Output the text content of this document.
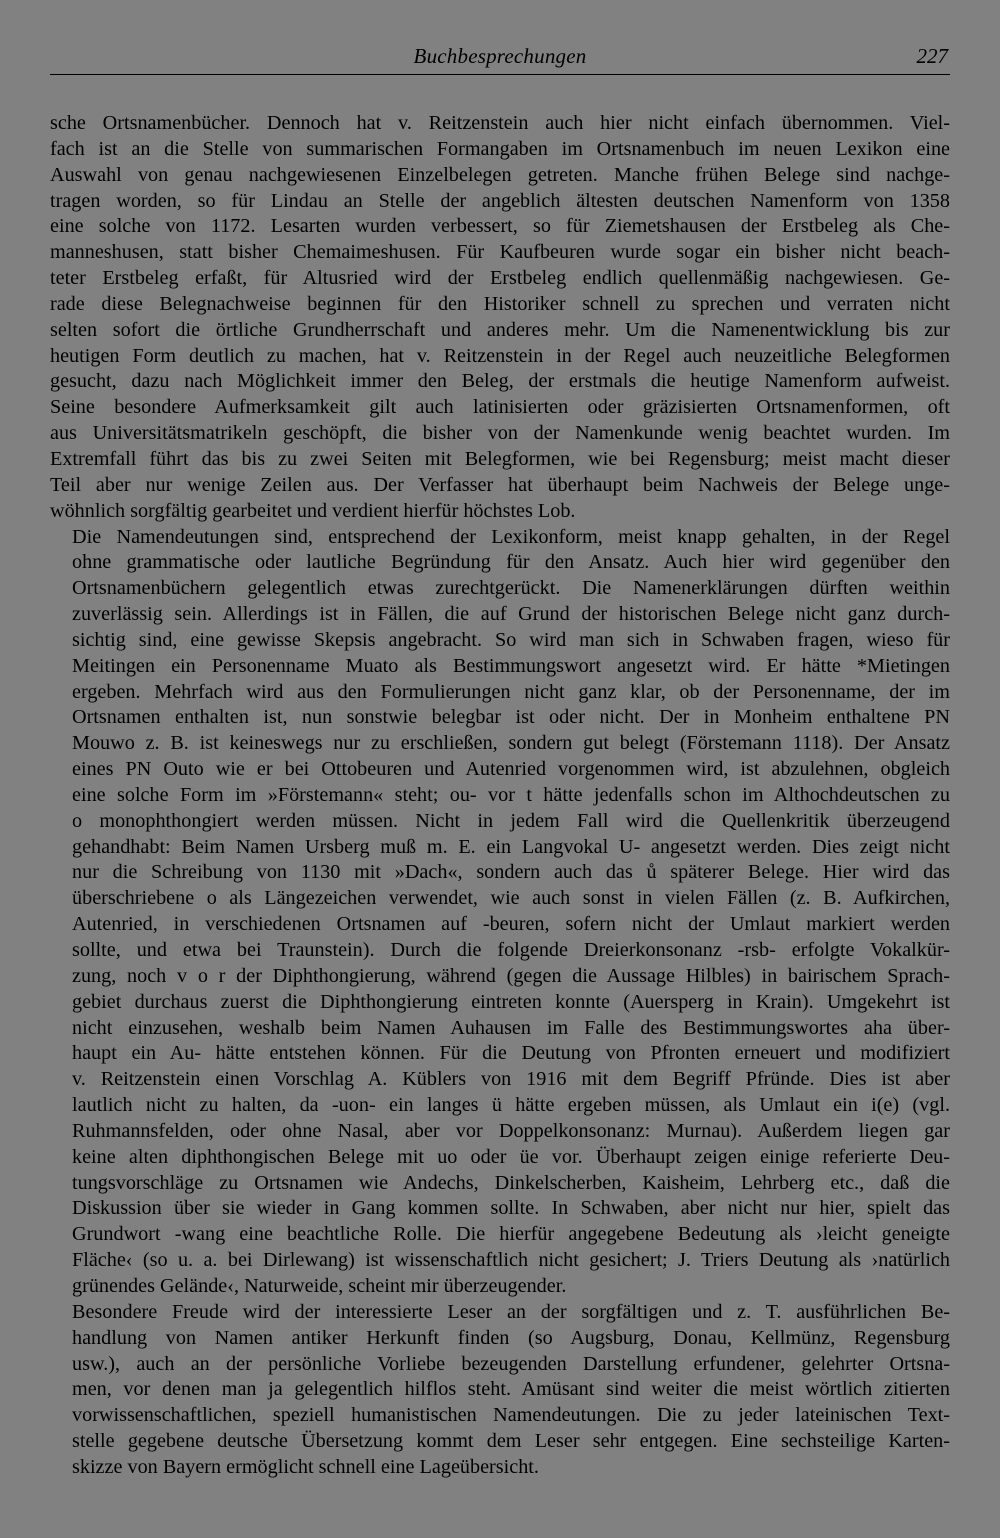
Buchbesprechungen	227

sche Ortsnamenbücher. Dennoch hat v. Reitzenstein auch hier nicht einfach übernommen. Viel-
fach ist an die Stelle von summarischen Formangaben im Ortsnamenbuch im neuen Lexikon eine
Auswahl von genau nachgewiesenen Einzelbelegen getreten. Manche frühen Belege sind nachge-
tragen worden, so für Lindau an Stelle der angeblich ältesten deutschen Namenform von 1358
eine solche von 1172. Lesarten wurden verbessert, so für Ziemetshausen der Erstbeleg als Che-
manneshusen, statt bisher Chemaimeshusen. Für Kaufbeuren wurde sogar ein bisher nicht beach-
teter Erstbeleg erfaßt, für Altusried wird der Erstbeleg endlich quellenmäßig nachgewiesen. Ge-
rade diese Belegnachweise beginnen für den Historiker schnell zu sprechen und verraten nicht
selten sofort die örtliche Grundherrschaft und anderes mehr. Um die Namenentwicklung bis zur
heutigen Form deutlich zu machen, hat v. Reitzenstein in der Regel auch neuzeitliche Belegformen
gesucht, dazu nach Möglichkeit immer den Beleg, der erstmals die heutige Namenform aufweist.
Seine besondere Aufmerksamkeit gilt auch latinisierten oder gräzisierten Ortsnamenformen, oft
aus Universitätsmatrikeln geschöpft, die bisher von der Namenkunde wenig beachtet wurden. Im
Extremfall führt das bis zu zwei Seiten mit Belegformen, wie bei Regensburg; meist macht dieser
Teil aber nur wenige Zeilen aus. Der Verfasser hat überhaupt beim Nachweis der Belege unge-
wöhnlich sorgfältig gearbeitet und verdient hierfür höchstes Lob.

Die Namendeutungen sind, entsprechend der Lexikonform, meist knapp gehalten, in der Regel
ohne grammatische oder lautliche Begründung für den Ansatz. Auch hier wird gegenüber den
Ortsnamenbüchern gelegentlich etwas zurechtgerückt. Die Namenerklärungen dürften weithin
zuverlässig sein. Allerdings ist in Fällen, die auf Grund der historischen Belege nicht ganz durch-
sichtig sind, eine gewisse Skepsis angebracht. So wird man sich in Schwaben fragen, wieso für
Meitingen ein Personenname Muato als Bestimmungswort angesetzt wird. Er hätte *Mietingen
ergeben. Mehrfach wird aus den Formulierungen nicht ganz klar, ob der Personenname, der im
Ortsnamen enthalten ist, nun sonstwie belegbar ist oder nicht. Der in Monheim enthaltene PN
Mouwo z. B. ist keineswegs nur zu erschließen, sondern gut belegt (Förstemann 1118). Der Ansatz
eines PN Outo wie er bei Ottobeuren und Autenried vorgenommen wird, ist abzulehnen, obgleich
eine solche Form im »Förstemann« steht; ou- vor t hätte jedenfalls schon im Althochdeutschen zu
o monophthongiert werden müssen. Nicht in jedem Fall wird die Quellenkritik überzeugend
gehandhabt: Beim Namen Ursberg muß m. E. ein Langvokal U- angesetzt werden. Dies zeigt nicht
nur die Schreibung von 1130 mit »Dach«, sondern auch das ů späterer Belege. Hier wird das
überschriebene o als Längezeichen verwendet, wie auch sonst in vielen Fällen (z. B. Aufkirchen,
Autenried, in verschiedenen Ortsnamen auf -beuren, sofern nicht der Umlaut markiert werden
sollte, und etwa bei Traunstein). Durch die folgende Dreierkonsonanz -rsb- erfolgte Vokalkür-
zung, noch v o r der Diphthongierung, während (gegen die Aussage Hilbles) in bairischem Sprach-
gebiet durchaus zuerst die Diphthongierung eintreten konnte (Auersperg in Krain). Umgekehrt ist
nicht einzusehen, weshalb beim Namen Auhausen im Falle des Bestimmungswortes aha über-
haupt ein Au- hätte entstehen können. Für die Deutung von Pfronten erneuert und modifiziert
v. Reitzenstein einen Vorschlag A. Küblers von 1916 mit dem Begriff Pfründe. Dies ist aber
lautlich nicht zu halten, da -uon- ein langes ü hätte ergeben müssen, als Umlaut ein i(e) (vgl.
Ruhmannsfelden, oder ohne Nasal, aber vor Doppelkonsonanz: Murnau). Außerdem liegen gar
keine alten diphthongischen Belege mit uo oder üe vor. Überhaupt zeigen einige referierte Deu-
tungsvorschläge zu Ortsnamen wie Andechs, Dinkelscherben, Kaisheim, Lehrberg etc., daß die
Diskussion über sie wieder in Gang kommen sollte. In Schwaben, aber nicht nur hier, spielt das
Grundwort -wang eine beachtliche Rolle. Die hierfür angegebene Bedeutung als ›leicht geneigte
Fläche‹ (so u. a. bei Dirlewang) ist wissenschaftlich nicht gesichert; J. Triers Deutung als ›natürlich
grünendes Gelände‹, Naturweide, scheint mir überzeugender.

Besondere Freude wird der interessierte Leser an der sorgfältigen und z. T. ausführlichen Be-
handlung von Namen antiker Herkunft finden (so Augsburg, Donau, Kellmünz, Regensburg
usw.), auch an der persönliche Vorliebe bezeugenden Darstellung erfundener, gelehrter Ortsna-
men, vor denen man ja gelegentlich hilflos steht. Amüsant sind weiter die meist wörtlich zitierten
vorwissenschaftlichen, speziell humanistischen Namendeutungen. Die zu jeder lateinischen Text-
stelle gegebene deutsche Übersetzung kommt dem Leser sehr entgegen. Eine sechsteilige Karten-
skizze von Bayern ermöglicht schnell eine Lageübersicht.
